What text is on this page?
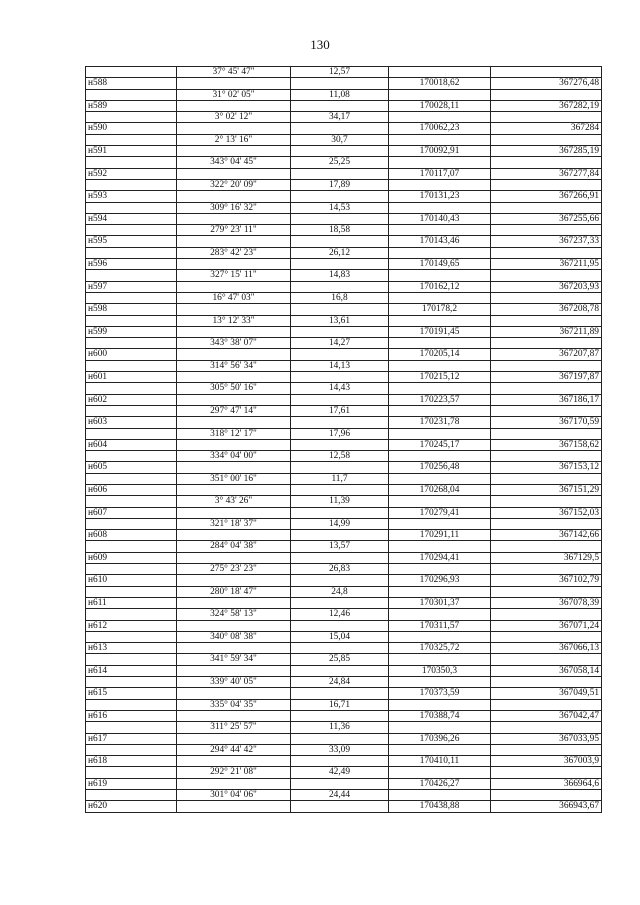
130
	37° 45' 47"	12,57		
н588			170018,62	367276,48
	31° 02' 05"	11,08		
н589			170028,11	367282,19
	3° 02' 12"	34,17		
н590			170062,23	367284
	2° 13' 16"	30,7		
н591			170092,91	367285,19
	343° 04' 45"	25,25		
н592			170117,07	367277,84
	322° 20' 09"	17,89		
н593			170131,23	367266,91
	309° 16' 32"	14,53		
н594			170140,43	367255,66
	279° 23' 11"	18,58		
н595			170143,46	367237,33
	283° 42' 23"	26,12		
н596			170149,65	367211,95
	327° 15' 11"	14,83		
н597			170162,12	367203,93
	16° 47' 03"	16,8		
н598			170178,2	367208,78
	13° 12' 33"	13,61		
н599			170191,45	367211,89
	343° 38' 07"	14,27		
н600			170205,14	367207,87
	314° 56' 34"	14,13		
н601			170215,12	367197,87
	305° 50' 16"	14,43		
н602			170223,57	367186,17
	297° 47' 14"	17,61		
н603			170231,78	367170,59
	318° 12' 17"	17,96		
н604			170245,17	367158,62
	334° 04' 00"	12,58		
н605			170256,48	367153,12
	351° 00' 16"	11,7		
н606			170268,04	367151,29
	3° 43' 26"	11,39		
н607			170279,41	367152,03
	321° 18' 37"	14,99		
н608			170291,11	367142,66
	284° 04' 38"	13,57		
н609			170294,41	367129,5
	275° 23' 23"	26,83		
н610			170296,93	367102,79
	280° 18' 47"	24,8		
н611			170301,37	367078,39
	324° 58' 13"	12,46		
н612			170311,57	367071,24
	340° 08' 38"	15,04		
н613			170325,72	367066,13
	341° 59' 34"	25,85		
н614			170350,3	367058,14
	339° 40' 05"	24,84		
н615			170373,59	367049,51
	335° 04' 35"	16,71		
н616			170388,74	367042,47
	311° 25' 57"	11,36		
н617			170396,26	367033,95
	294° 44' 42"	33,09		
н618			170410,11	367003,9
	292° 21' 08"	42,49		
н619			170426,27	366964,6
	301° 04' 06"	24,44		
н620			170438,88	366943,67
